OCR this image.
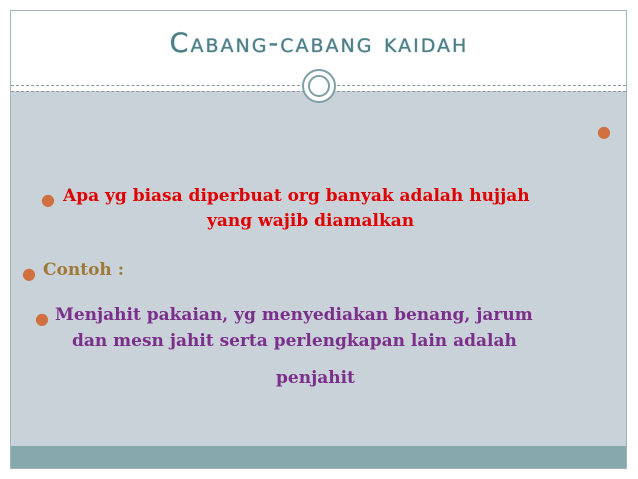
Cabang-cabang kaidah
●
● Apa yg biasa diperbuat org banyak adalah hujjah
yang wajib diamalkan
● Contoh :
● Menjahit pakaian, yg menyediakan benang, jarum
dan mesn jahit serta perlengkapan lain adalah
penjahit
